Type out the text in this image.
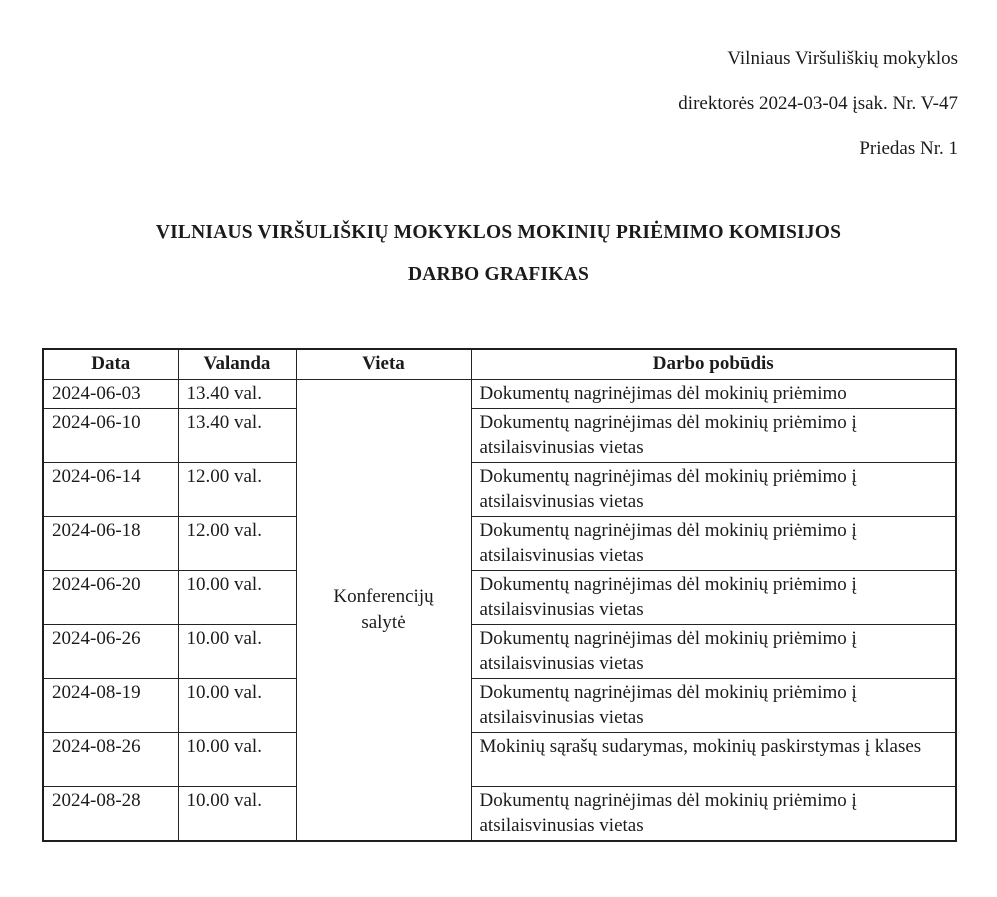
Vilniaus Viršuliškių mokyklos
direktorės 2024-03-04 įsak. Nr. V-47
Priedas Nr. 1
VILNIAUS VIRŠULIŠKIŲ MOKYKLOS MOKINIŲ PRIĖMIMO KOMISIJOS
DARBO GRAFIKAS
Data	Valanda	Vieta	Darbo pobūdis
2024-06-03	13.40 val.	Konferencijų salytė	Dokumentų nagrinėjimas dėl mokinių priėmimo
2024-06-10	13.40 val.		Dokumentų nagrinėjimas dėl mokinių priėmimo į atsilaisvinusias vietas
2024-06-14	12.00 val.		Dokumentų nagrinėjimas dėl mokinių priėmimo į atsilaisvinusias vietas
2024-06-18	12.00 val.		Dokumentų nagrinėjimas dėl mokinių priėmimo į atsilaisvinusias vietas
2024-06-20	10.00 val.		Dokumentų nagrinėjimas dėl mokinių priėmimo į atsilaisvinusias vietas
2024-06-26	10.00 val.		Dokumentų nagrinėjimas dėl mokinių priėmimo į atsilaisvinusias vietas
2024-08-19	10.00 val.		Dokumentų nagrinėjimas dėl mokinių priėmimo į atsilaisvinusias vietas
2024-08-26	10.00 val.		Mokinių sąrašų sudarymas, mokinių paskirstymas į klases
2024-08-28	10.00 val.		Dokumentų nagrinėjimas dėl mokinių priėmimo į atsilaisvinusias vietas
